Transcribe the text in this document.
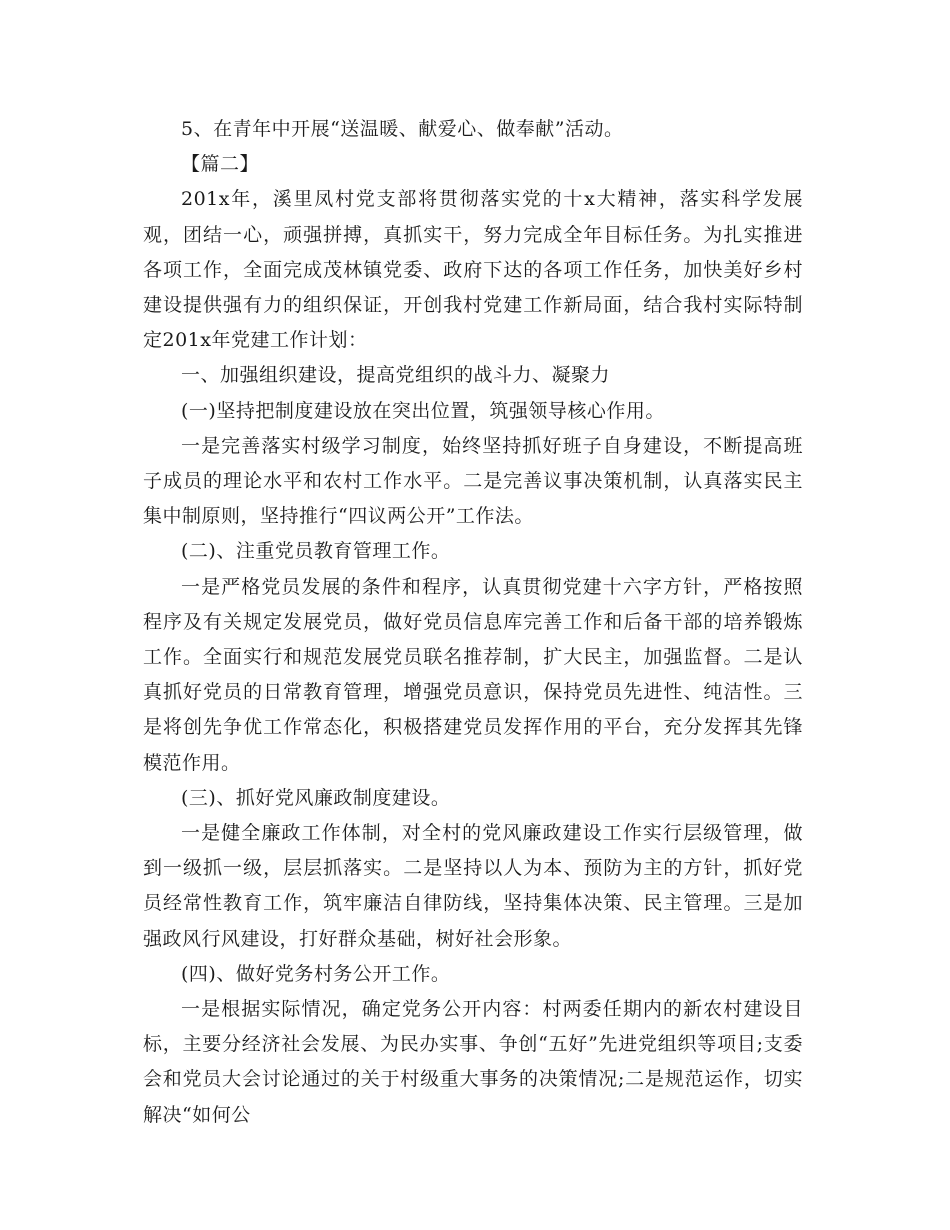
5、在青年中开展“送温暖、献爱心、做奉献”活动。

【篇二】

201x年，溪里凤村党支部将贯彻落实党的十x大精神，落实科学发展观，团结一心，顽强拼搏，真抓实干，努力完成全年目标任务。为扎实推进各项工作，全面完成茂林镇党委、政府下达的各项工作任务，加快美好乡村建设提供强有力的组织保证，开创我村党建工作新局面，结合我村实际特制定201x年党建工作计划：

一、加强组织建设，提高党组织的战斗力、凝聚力

(一)坚持把制度建设放在突出位置，筑强领导核心作用。

一是完善落实村级学习制度，始终坚持抓好班子自身建设，不断提高班子成员的理论水平和农村工作水平。二是完善议事决策机制，认真落实民主集中制原则，坚持推行“四议两公开”工作法。

(二)、注重党员教育管理工作。

一是严格党员发展的条件和程序，认真贯彻党建十六字方针，严格按照程序及有关规定发展党员，做好党员信息库完善工作和后备干部的培养锻炼工作。全面实行和规范发展党员联名推荐制，扩大民主，加强监督。二是认真抓好党员的日常教育管理，增强党员意识，保持党员先进性、纯洁性。三是将创先争优工作常态化，积极搭建党员发挥作用的平台，充分发挥其先锋模范作用。

(三)、抓好党风廉政制度建设。

一是健全廉政工作体制，对全村的党风廉政建设工作实行层级管理，做到一级抓一级，层层抓落实。二是坚持以人为本、预防为主的方针，抓好党员经常性教育工作，筑牢廉洁自律防线，坚持集体决策、民主管理。三是加强政风行风建设，打好群众基础，树好社会形象。

(四)、做好党务村务公开工作。

一是根据实际情况，确定党务公开内容：村两委任期内的新农村建设目标，主要分经济社会发展、为民办实事、争创“五好”先进党组织等项目;支委会和党员大会讨论通过的关于村级重大事务的决策情况;二是规范运作，切实解决“如何公
